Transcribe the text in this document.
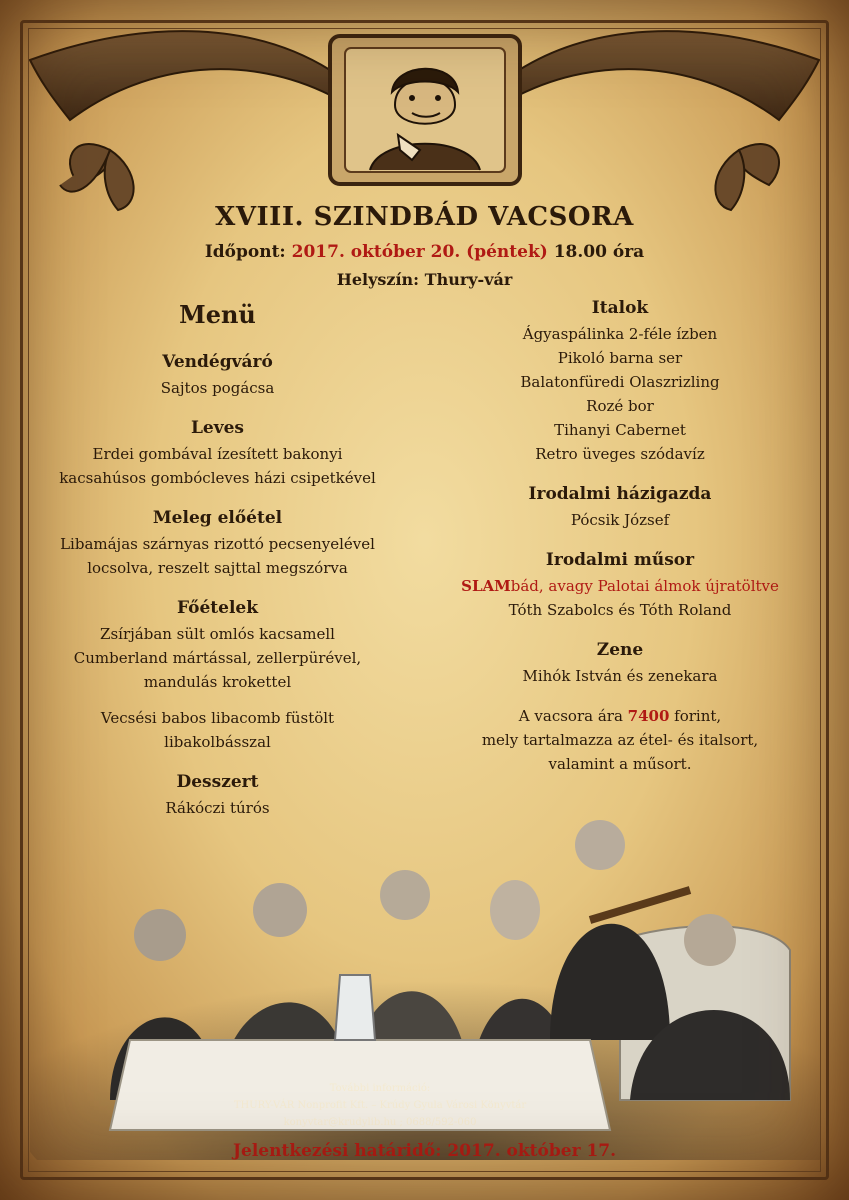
XVIII. SZINDBÁD VACSORA
Időpont: 2017. október 20. (péntek) 18.00 óra
Helyszín: Thury-vár
Menü
Vendégváró

Sajtos pogácsa

Leves

Erdei gombával ízesített bakonyi

kacsahúsos gombócleves házi csipetkével

Meleg előétel

Libamájas szárnyas rizottó pecsenyelével

locsolva, reszelt sajttal megszórva

Főételek

Zsírjában sült omlós kacsamell

Cumberland mártással, zellerpürével,

mandulás krokettel

Vecsési babos libacomb füstölt

libakolbásszal

Desszert

Rákóczi túrós

Italok

Ágyaspálinka 2-féle ízben

Pikoló barna ser

Balatonfüredi Olaszrizling

Rozé bor

Tihanyi Cabernet

Retro üveges szódavíz

Irodalmi házigazda

Pócsik József

Irodalmi műsor

SLAMbád, avagy Palotai álmok újratöltve

Tóth Szabolcs és Tóth Roland

Zene

Mihók István és zenekara

A vacsora ára 7400 forint,

mely tartalmazza az étel- és italsort,

valamint a műsort.

További információ:
THURY-VÁR Nonprofit Kft. – Krúdy Gyula Városi Könyvtár
konyvtar@krudylib.hu ; 0688/592-060
Jelentkezési határidő: 2017. október 17.
